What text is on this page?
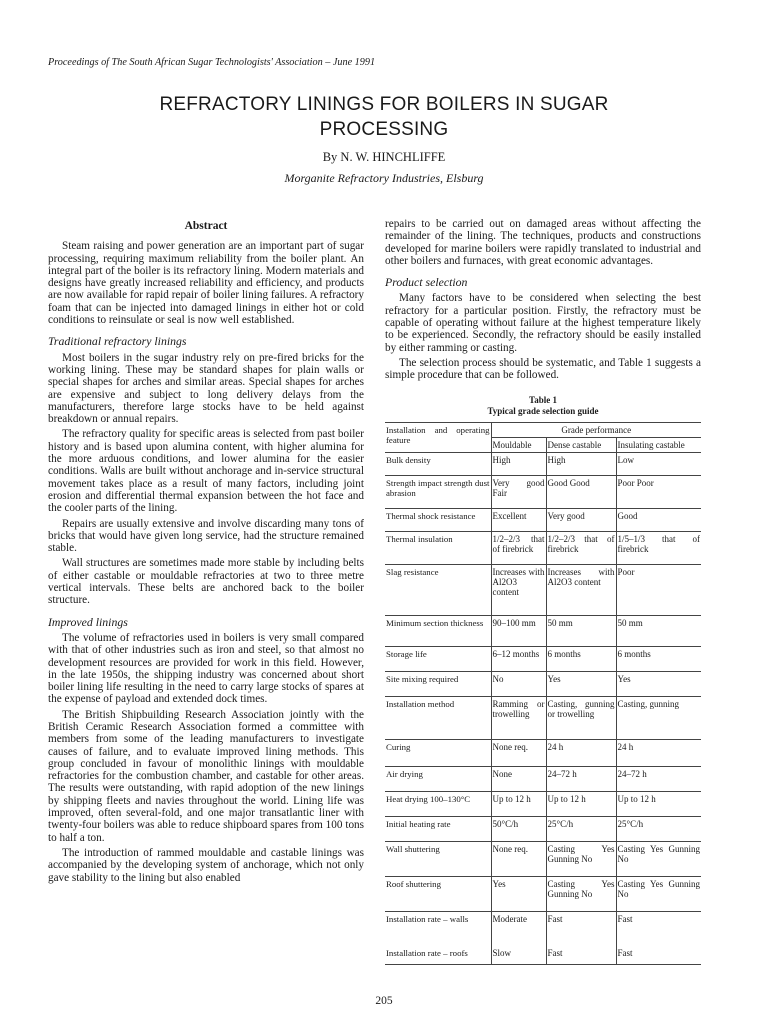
Proceedings of The South African Sugar Technologists' Association – June 1991
REFRACTORY LININGS FOR BOILERS IN SUGAR
PROCESSING
By N. W. HINCHLIFFE
Morganite Refractory Industries, Elsburg
Abstract

Steam raising and power generation are an important part of sugar processing, requiring maximum reliability from the boiler plant. An integral part of the boiler is its refractory lining. Modern materials and designs have greatly increased reliability and efficiency, and products are now available for rapid repair of boiler lining failures. A refractory foam that can be injected into damaged linings in either hot or cold conditions to reinsulate or seal is now well established.

Traditional refractory linings

Most boilers in the sugar industry rely on pre-fired bricks for the working lining. These may be standard shapes for plain walls or special shapes for arches and similar areas. Special shapes for arches are expensive and subject to long delivery delays from the manufacturers, therefore large stocks have to be held against breakdown or annual repairs.

The refractory quality for specific areas is selected from past boiler history and is based upon alumina content, with higher alumina for the more arduous conditions, and lower alumina for the easier conditions. Walls are built without anchorage and in-service structural movement takes place as a result of many factors, including joint erosion and differential thermal expansion between the hot face and the cooler parts of the lining.

Repairs are usually extensive and involve discarding many tons of bricks that would have given long service, had the structure remained stable.

Wall structures are sometimes made more stable by including belts of either castable or mouldable refractories at two to three metre vertical intervals. These belts are anchored back to the boiler structure.

Improved linings

The volume of refractories used in boilers is very small compared with that of other industries such as iron and steel, so that almost no development resources are provided for work in this field. However, in the late 1950s, the shipping industry was concerned about short boiler lining life resulting in the need to carry large stocks of spares at the expense of payload and extended dock times.

The British Shipbuilding Research Association jointly with the British Ceramic Research Association formed a committee with members from some of the leading manufacturers to investigate causes of failure, and to evaluate improved lining methods. This group concluded in favour of monolithic linings with mouldable refractories for the combustion chamber, and castable for other areas. The results were outstanding, with rapid adoption of the new linings by shipping fleets and navies throughout the world. Lining life was improved, often several-fold, and one major transatlantic liner with twenty-four boilers was able to reduce shipboard spares from 100 tons to half a ton.

The introduction of rammed mouldable and castable linings was accompanied by the developing system of anchorage, which not only gave stability to the lining but also enabled

repairs to be carried out on damaged areas without affecting the remainder of the lining. The techniques, products and constructions developed for marine boilers were rapidly translated to industrial and other boilers and furnaces, with great economic advantages.

Product selection

Many factors have to be considered when selecting the best refractory for a particular position. Firstly, the refractory must be capable of operating without failure at the highest temperature likely to be experienced. Secondly, the refractory should be easily installed by either ramming or casting.

The selection process should be systematic, and Table 1 suggests a simple procedure that can be followed.

Table 1
Typical grade selection guide
Installation and operating feature	Grade performance		
	Mouldable	Dense castable	Insulating castable
Bulk density	High	High	Low
Strength impact strength dust abrasion	Very good Fair	Good Good	Poor Poor
Thermal shock resistance	Excellent	Very good	Good
Thermal insulation	1/2–2/3 that of firebrick	1/2–2/3 that of firebrick	1/5–1/3 that of firebrick
Slag resistance	Increases with Al2O3 content	Increases with Al2O3 content	Poor
Minimum section thickness	90–100 mm	50 mm	50 mm
Storage life	6–12 months	6 months	6 months
Site mixing required	No	Yes	Yes
Installation method	Ramming or trowelling	Casting, gunning or trowelling	Casting, gunning
Curing	None req.	24 h	24 h
Air drying	None	24–72 h	24–72 h
Heat drying 100–130°C	Up to 12 h	Up to 12 h	Up to 12 h
Initial heating rate	50°C/h	25°C/h	25°C/h
Wall shuttering	None req.	Casting Yes Gunning No	Casting Yes Gunning No
Roof shuttering	Yes	Casting Yes Gunning No	Casting Yes Gunning No
Installation rate – walls	Moderate	Fast	Fast
Installation rate – roofs	Slow	Fast	Fast
205
